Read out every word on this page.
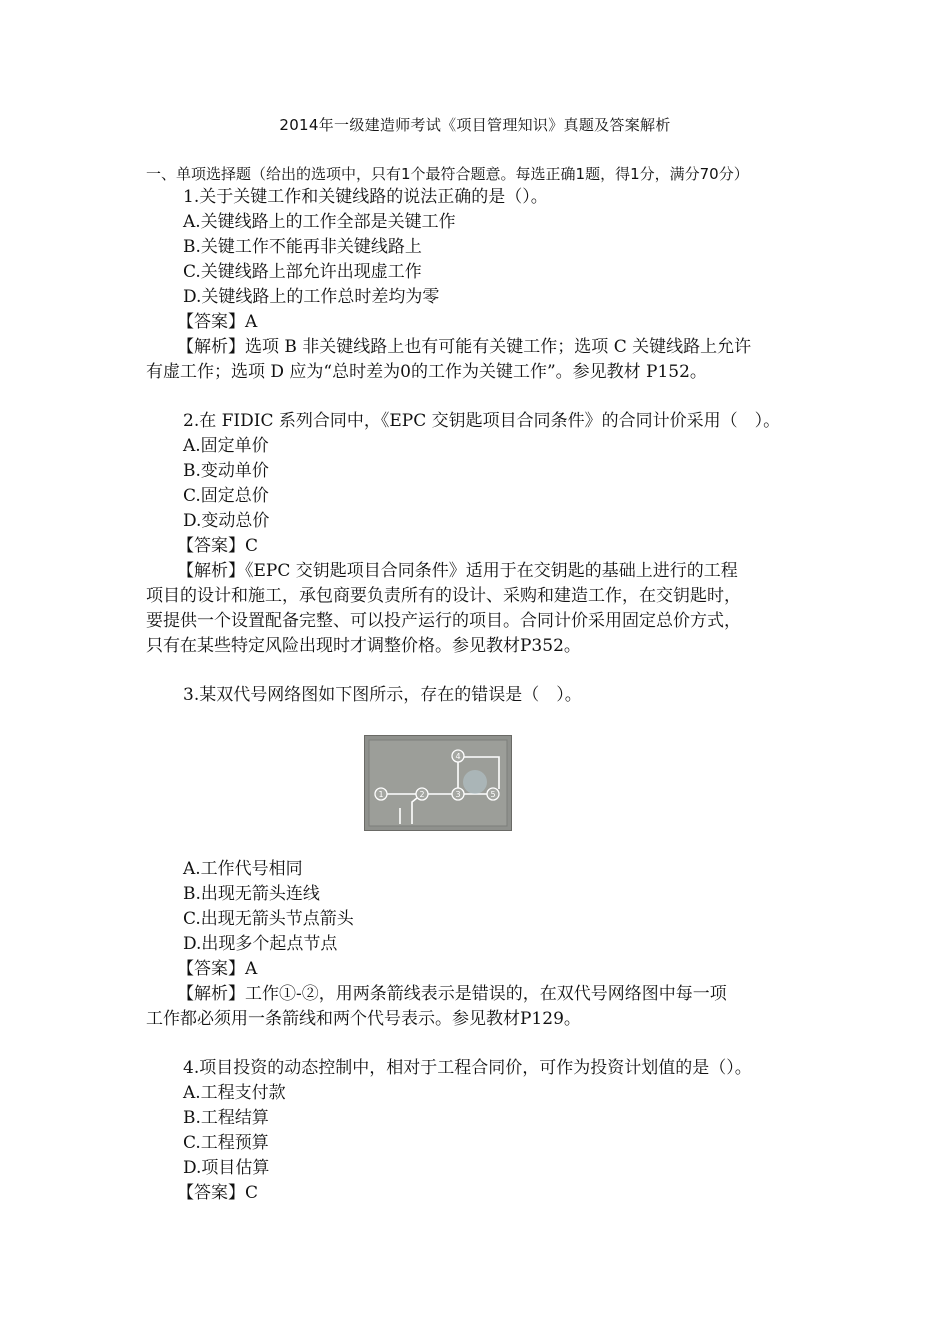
2014年一级建造师考试《项目管理知识》真题及答案解析
一、单项选择题（给出的选项中，只有1个最符合题意。每选正确1题，得1分，满分70分）
1.关于关键工作和关键线路的说法正确的是（）。
A.关键线路上的工作全部是关键工作
B.关键工作不能再非关键线路上
C.关键线路上部允许出现虚工作
D.关键线路上的工作总时差均为零
【答案】A
【解析】选项 B 非关键线路上也有可能有关键工作；选项 C 关键线路上允许
有虚工作；选项 D 应为“总时差为0的工作为关键工作”。参见教材 P152。
2.在 FIDIC 系列合同中，《EPC 交钥匙项目合同条件》的合同计价采用（　）。
A.固定单价
B.变动单价
C.固定总价
D.变动总价
【答案】C
【解析】《EPC 交钥匙项目合同条件》适用于在交钥匙的基础上进行的工程
项目的设计和施工，承包商要负责所有的设计、采购和建造工作，在交钥匙时，
要提供一个设置配备完整、可以投产运行的项目。合同计价采用固定总价方式，
只有在某些特定风险出现时才调整价格。参见教材P352。
3.某双代号网络图如下图所示，存在的错误是（　）。
1	2	3
4
5
A.工作代号相同
B.出现无箭头连线
C.出现无箭头节点箭头
D.出现多个起点节点
【答案】A
【解析】工作①-②，用两条箭线表示是错误的，在双代号网络图中每一项
工作都必须用一条箭线和两个代号表示。参见教材P129。
4.项目投资的动态控制中，相对于工程合同价，可作为投资计划值的是（）。
A.工程支付款
B.工程结算
C.工程预算
D.项目估算
【答案】C
